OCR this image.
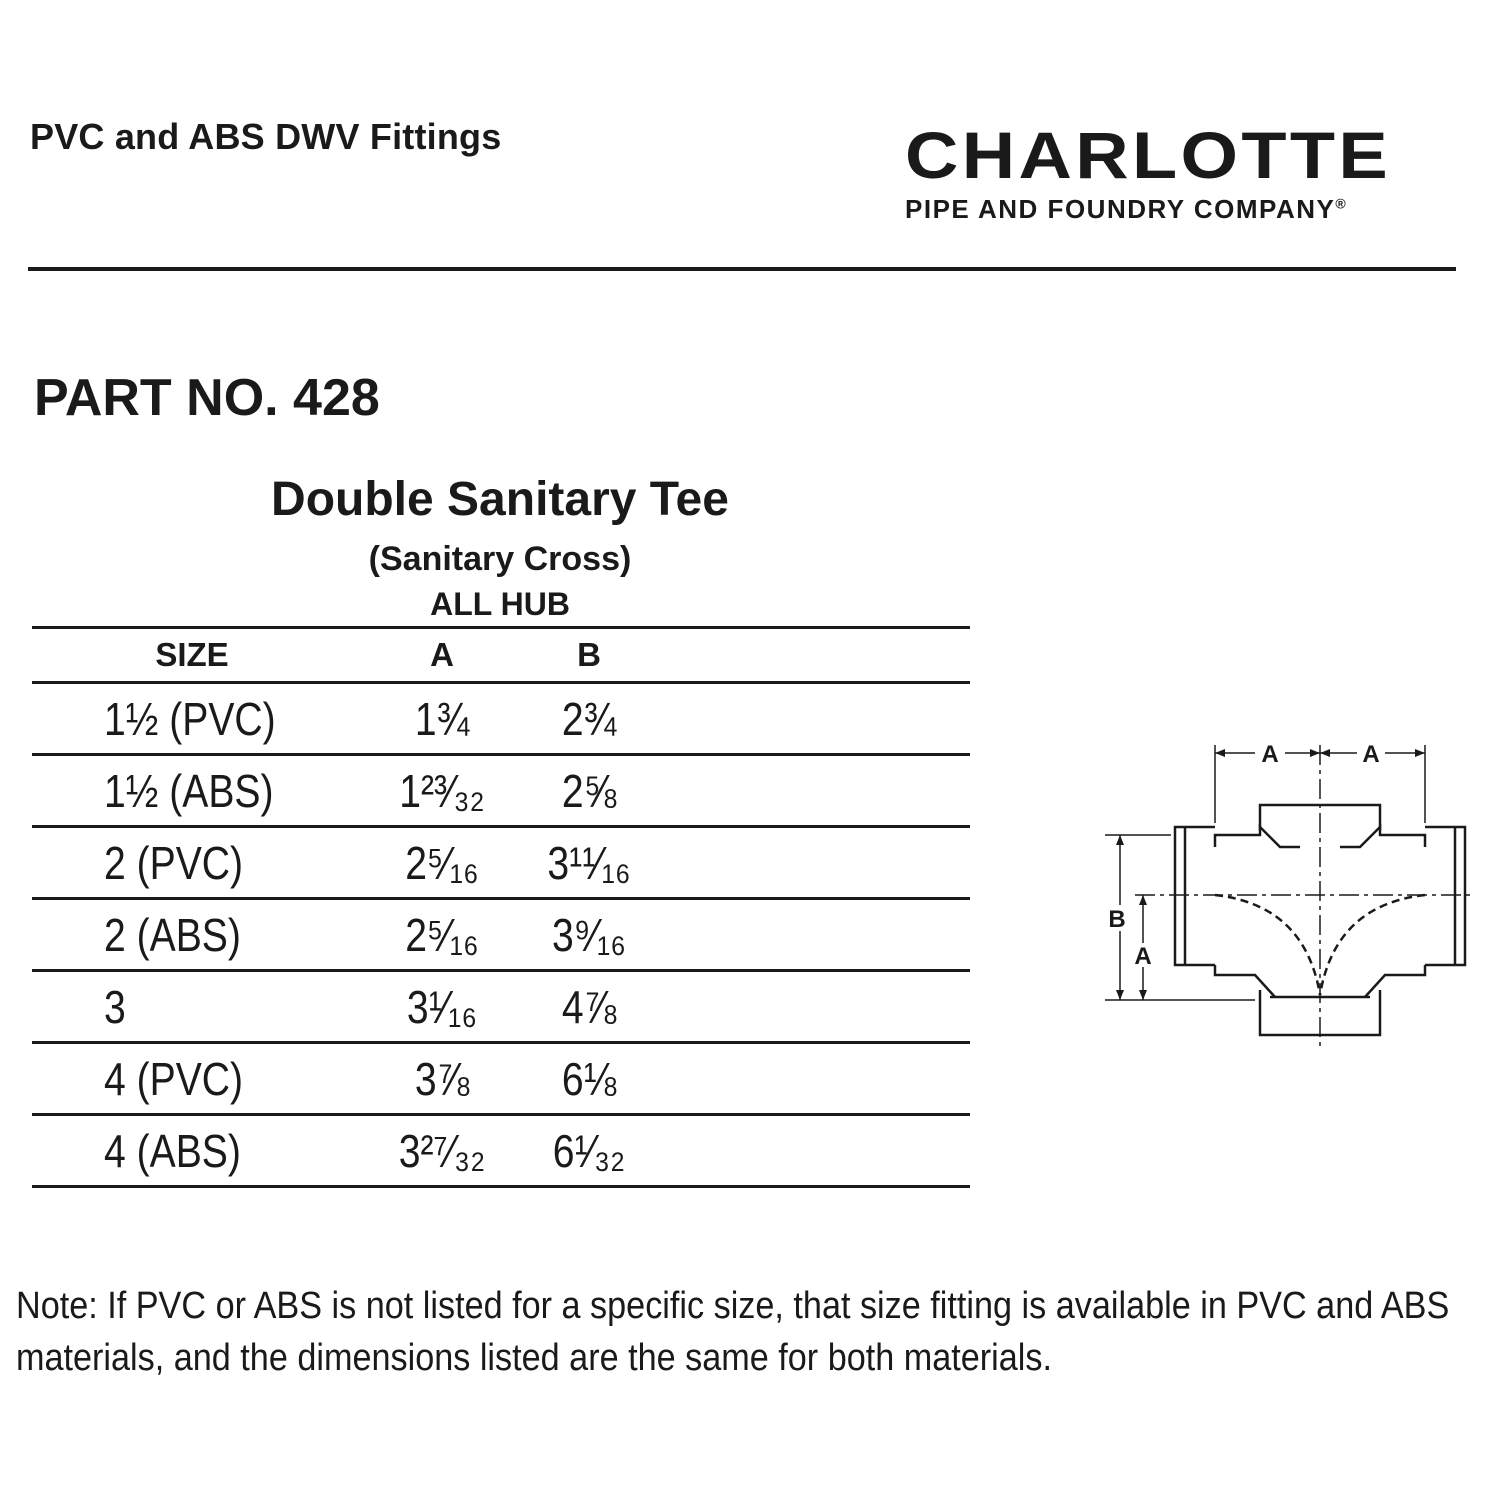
PVC and ABS DWV Fittings	CHARLOTTE
PIPE AND FOUNDRY COMPANY®
PART NO. 428
Double Sanitary Tee
(Sanitary Cross)
ALL HUB
SIZE	A	B
1½ (PVC)	1¾ 2¾
1½ (ABS)	1²³⁄₃₂ 2⅝
2 (PVC)	2⁵⁄₁₆ 3¹¹⁄₁₆
2 (ABS)	2⁵⁄₁₆ 3⁹⁄₁₆
3	3¹⁄₁₆ 4⅞
4 (PVC)	3⅞ 6⅛
4 (ABS)	3²⁷⁄₃₂ 6¹⁄₃₂
A	A
B
A
Note: If PVC or ABS is not listed for a specific size, that size fitting is available in PVC and ABS materials, and the dimensions listed are the same for both materials.
